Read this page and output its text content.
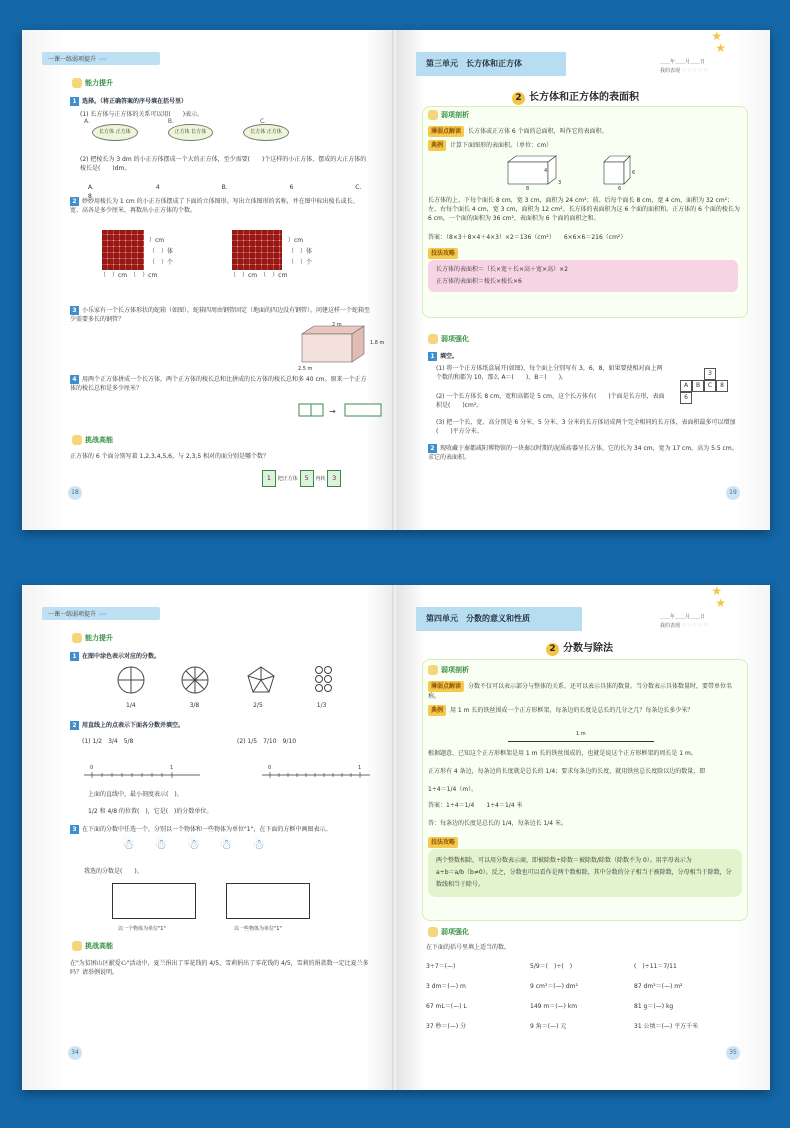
一课一练弱项提升 ›››
能力提升
1 选择。（将正确答案的序号填在括号里）
(1) 长方体与正方体的关系可以用(　　)表示。
长方体 正方体	正方体 长方体	长方体 正方体
A.	B.	C.
(2) 把棱长为 3 dm 的小正方体摆成一个大的正方体，至少需要(　　)个这样的小正方体，摆成的大正方体的棱长是(　　)dm。
A. 4	B. 6	C. 8
2 妙妙用棱长为 1 cm 的小正方体摆成了下面的立体图形。写出立体图形的名称，并在图中标出棱长或长、宽、高各是多少厘米，再数出小正方体的个数。
）cm
（　）体
（　）个
（　）cm　（　）cm
）cm
（　）体
（　）个
（　）cm　（　）cm
3 小乐家有一个长方体形状的蛇箱（如图），蛇箱四周由钢管固定（地面的四边没有钢管）。问建这样一个蛇箱至少需要多长的钢管？
2 m
1.8 m
2.5 m
4 用两个正方体拼成一个长方体，两个正方体的棱长总和比拼成的长方体的棱长总和多 40 cm。原来一个正方体的棱长总和是多少厘米？
→
挑战高能
正方体的 6 个面分别写着 1,2,3,4,5,6，与 2,3,5 相对的面分别是哪个数？
1 把正方体 5 再转 3
18
第三单元　长方体和正方体
★
★
＿＿年＿＿月＿＿日
我的表现 ♡♡♡♡♡
2 长方体和正方体的表面积
弱项剖析
薄弱点解读 长方体或正方体 6 个面的总面积，叫作它的表面积。
典例 计算下面图形的表面积。（单位：cm）
8
3
4
6
6
长方体的上、下每个面长 8 cm，宽 3 cm，面积为 24 cm²；前、后每个面长 8 cm，宽 4 cm，面积为 32 cm²；左、右每个面长 4 cm，宽 3 cm，面积为 12 cm²。长方体的表面积为这 6 个面的面积和。正方体的 6 个面的棱长为 6 cm，一个面的面积为 36 cm²，表面积为 6 个面的面积之和。
答案：（8×3＋8×4＋4×3）×2＝136（cm²）　　6×6×6＝216（cm²）
技法攻略
长方体的表面积＝（长×宽＋长×高＋宽×高）×2
正方体的表面积＝棱长×棱长×6
弱项强化
1 填空。
(1) 将一个正方体纸盒展开(如图)，每个面上分别写有 3，6，8，如果要使相对面上两个数的和都为 10，那么 A＝(　　)，B＝(　　)。
3
A	B	C	8
6
(2) 一个长方体长 8 cm，宽和高都是 5 cm，这个长方体有(　　)个面是长方形，表面积是(　　)cm²。
(3) 把一个长、宽、高分别是 6 分米、5 分米、3 分米的长方体切成两个完全相同的长方体，表面积最多可以增加(　　)平方分米。
2 现收藏于秦都咸阳博物馆的一块秦汉时期的泥质砖器呈长方体，它的长为 34 cm，宽为 17 cm，高为 5.5 cm。求它的表面积。
19
一课一练弱项提升 ›››
能力提升
1 在图中涂色表示对应的分数。
1/4	3/8	2/5	1/3
2 用直线上的点表示下面各分数并填空。
(1) 1/2　3/4　5/8	(2) 1/5　7/10　9/10
0	1	0	1
上面的直线中，最小刻度表示(　)。
1/2 和 4/8 的位置(　)，它是(　)的分数单位。
3 在下面的分数中任选一个，分别以一个物体和一些物体为单位"1"，在下面的方框中画图表示。
☃☃☃☃☃
我选的分数是(　　)。
以一个物体为单位"1"	以一些物体为单位"1"
挑战高能
在"为贫困山区献爱心"活动中，夏兰捐出了零花钱的 4/5，雪莉捐出了零花钱的 4/5，雪莉的捐款数一定比夏兰多吗？请举例说明。
34
第四单元　分数的意义和性质
★
★
＿＿年＿＿月＿＿日
我的表现 ♡♡♡♡♡
2 分数与除法
弱项剖析
薄弱点解读 分数不仅可以表示部分与整体的关系，还可以表示具体的数量。当分数表示具体数量时，要带单位名称。
典例 用 1 m 长的铁丝围成一个正方形框架，每条边的长度是总长的几分之几？每条边长多少米？
1 m
根据题意，已知这个正方形框架是用 1 m 长的铁丝围成的，也就是说这个正方形框架的周长是 1 m。
正方形有 4 条边，每条边的长度就是总长的 1/4；要求每条边的长度，就用铁丝总长度除以边的数量，即
1÷4＝1/4（m）。
答案：1÷4＝1/4　　1÷4＝1/4 米
答：每条边的长度是总长的 1/4，每条边长 1/4 米。
技法攻略
两个整数相除，可以用分数表示商，即被除数÷除数＝被除数/除数（除数不为 0）。用字母表示为
a÷b＝a/b（b≠0）。反之，分数也可以看作是两个数相除，其中分数的分子相当于被除数，分母相当于除数，分数线相当于除号。
弱项强化
在下面的括号里填上适当的数。
3÷7＝(—)	5/9＝(　)÷(　)	(　)÷11＝7/11
3 dm＝(—) m	9 cm²＝(—) dm²	87 dm²＝(—) m²
67 mL＝(—) L	149 m＝(—) km	81 g＝(—) kg
37 秒＝(—) 分	9 角＝(—) 元	31 公顷＝(—) 平方千米
35
